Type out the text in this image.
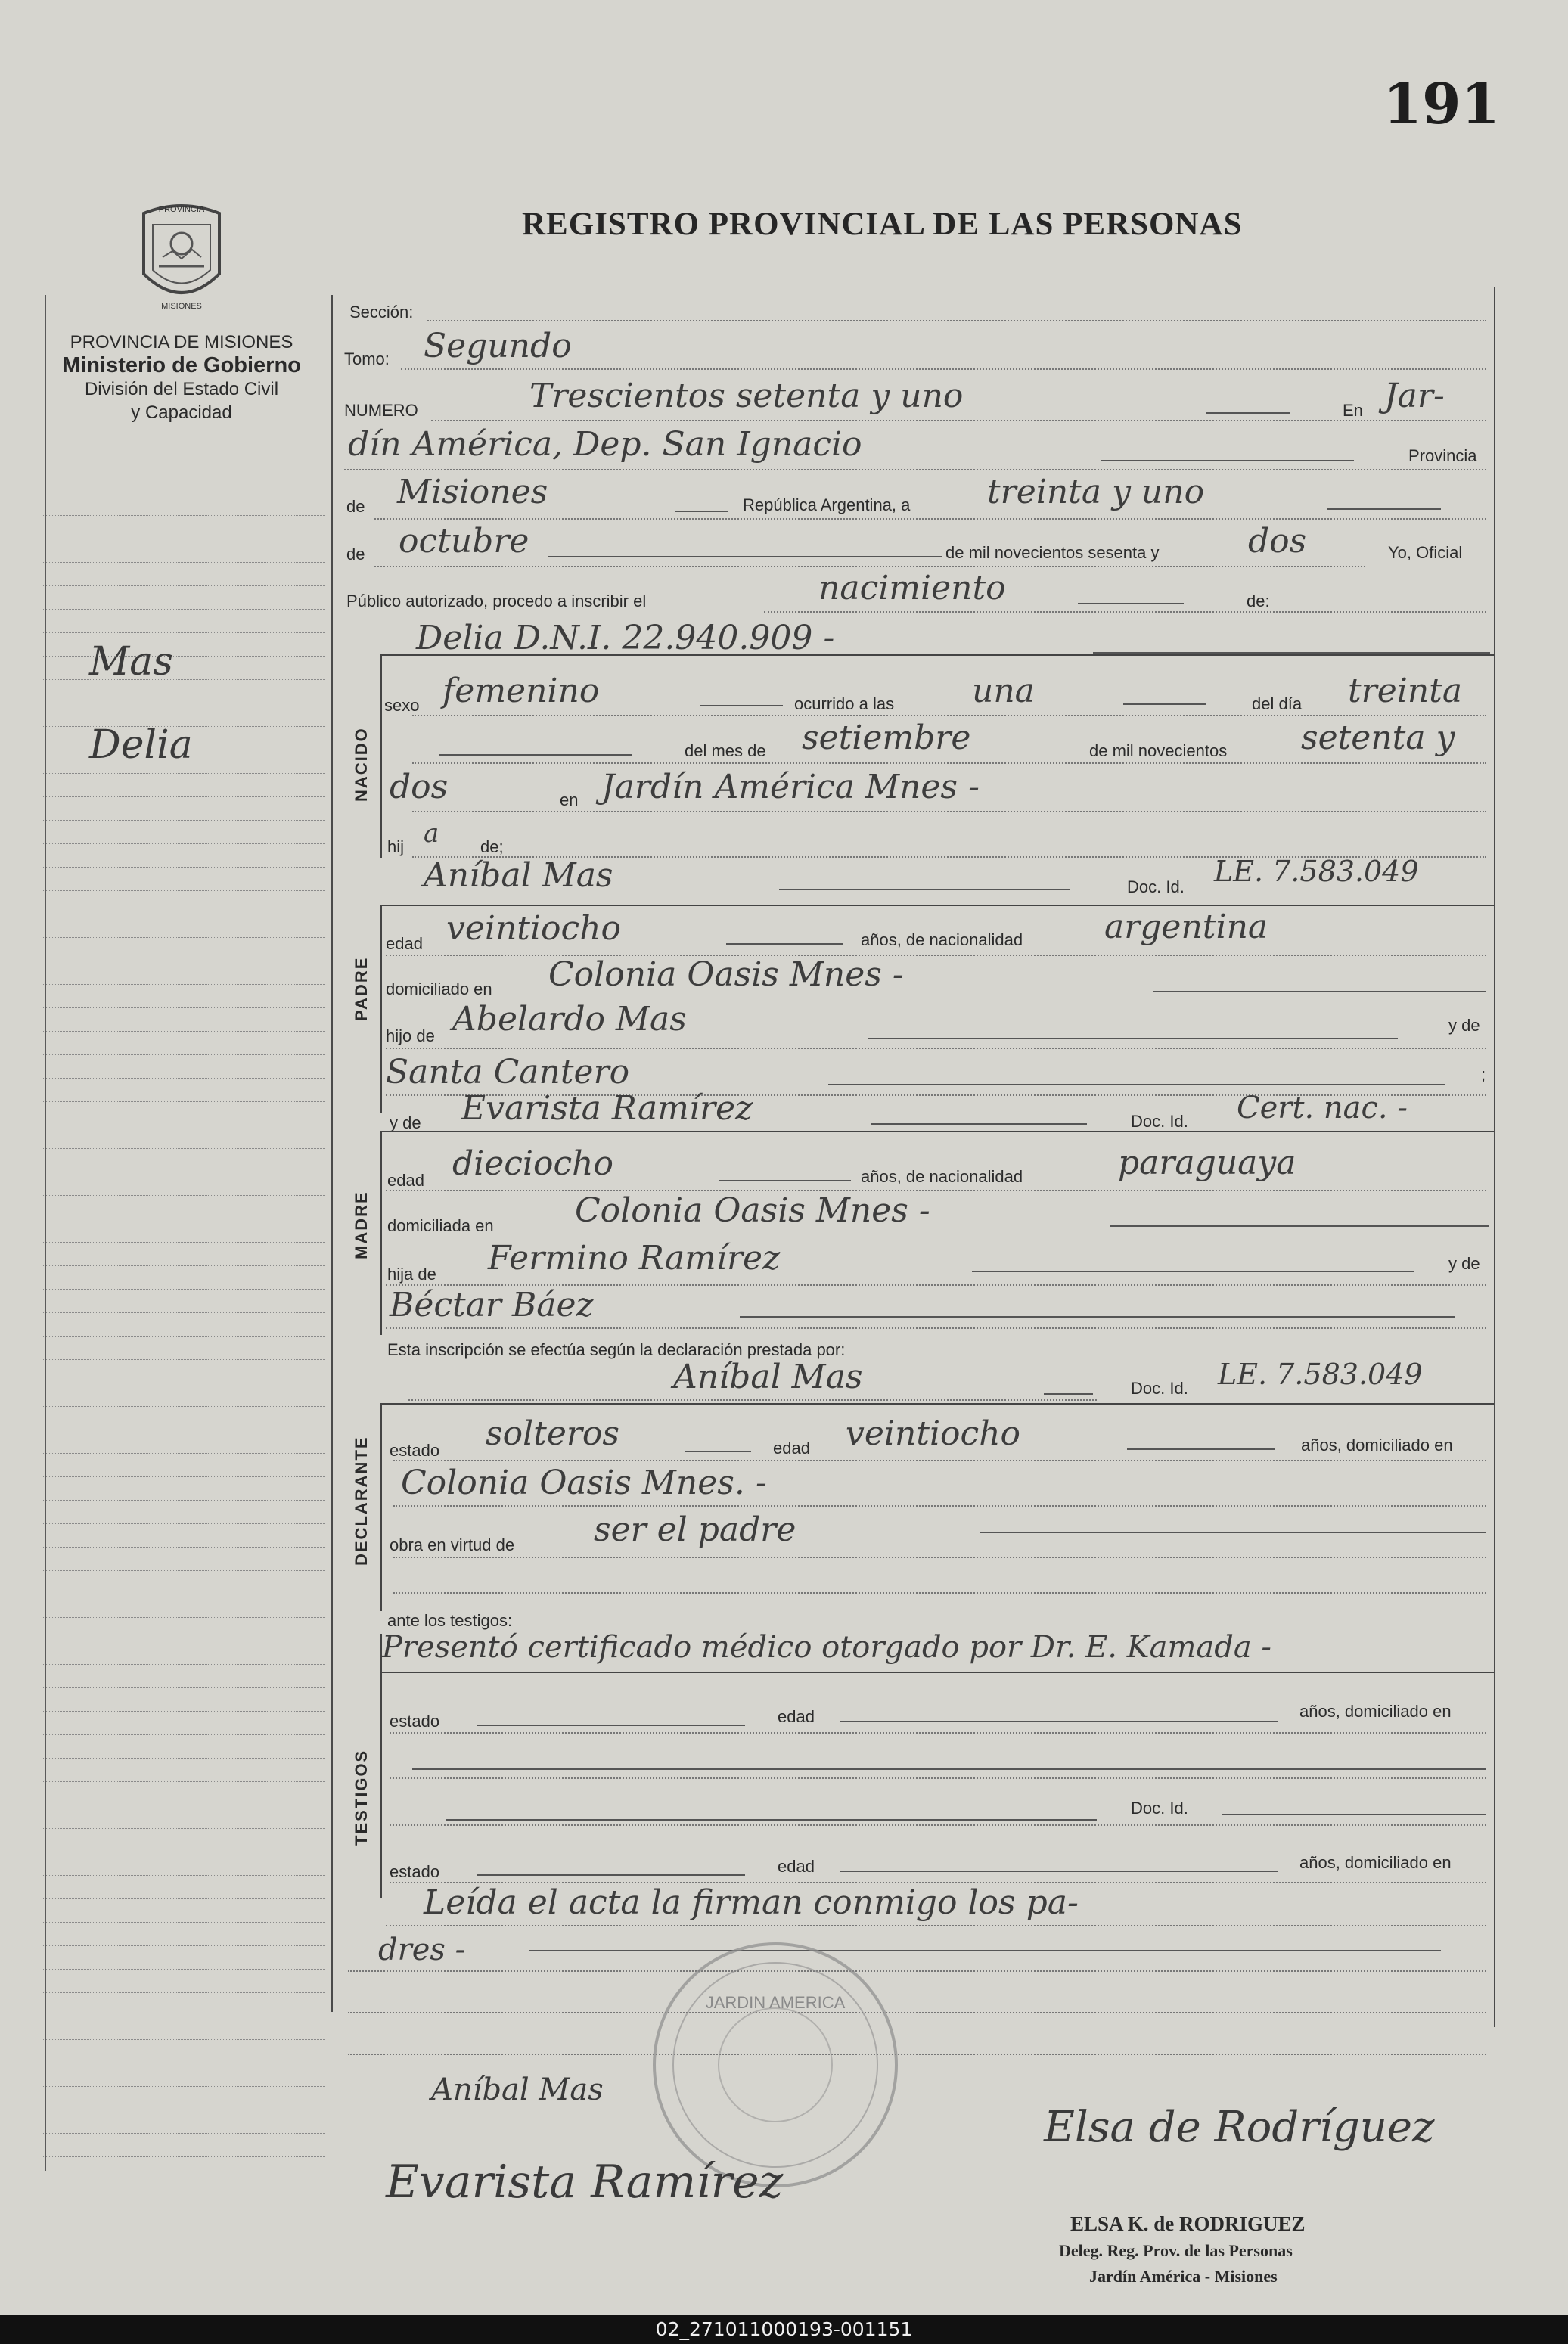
191
REGISTRO PROVINCIAL DE LAS PERSONAS
PROVINCIA
MISIONES
PROVINCIA DE MISIONES
Ministerio de Gobierno
División del Estado Civil
y Capacidad
Mas
Delia
Sección:
Tomo: Segundo
NUMERO	Trescientos setenta y uno	En Jar-
dín América, Dep. San Ignacio	Provincia
de Misiones	República Argentina, a treinta y uno
de octubre	de mil novecientos sesenta y	dos	Yo, Oficial
Público autorizado, procedo a inscribir el	nacimiento	de:
NACIDO
Delia D.N.I. 22.940.909 -
sexo femenino	ocurrido a las una	del día treinta
del mes de setiembre	de mil novecientos setenta y
dos	en Jardín América Mnes -
hij a de;
PADRE
Aníbal Mas	Doc. Id. LE. 7.583.049
edad veintiocho	años, de nacionalidad argentina
domiciliado en Colonia Oasis Mnes -
hijo de Abelardo Mas	y de
Santa Cantero	;
y de Evarista Ramírez	Doc. Id. Cert. nac. -
MADRE
edad dieciocho	años, de nacionalidad	paraguaya
domiciliada en Colonia Oasis Mnes -
hija de Fermino Ramírez	y de
Béctar Báez
Esta inscripción se efectúa según la declaración prestada por:
Aníbal Mas	Doc. Id. LE. 7.583.049
DECLARANTE estado solteros	edad veintiocho	años, domiciliado en
Colonia Oasis Mnes. -
obra en virtud de ser el padre
ante los testigos:
TESTIGOS
Presentó certificado médico otorgado por Dr. E. Kamada -
estado	edad	años, domiciliado en
Doc. Id.
estado	edad	años, domiciliado en
Leída el acta la firman conmigo los pa-
dres -
JARDIN AMERICA
Aníbal Mas
Evarista Ramírez
Elsa de Rodríguez
ELSA K. de RODRIGUEZ
Deleg. Reg. Prov. de las Personas
Jardín América - Misiones
02_271011000193-001151
